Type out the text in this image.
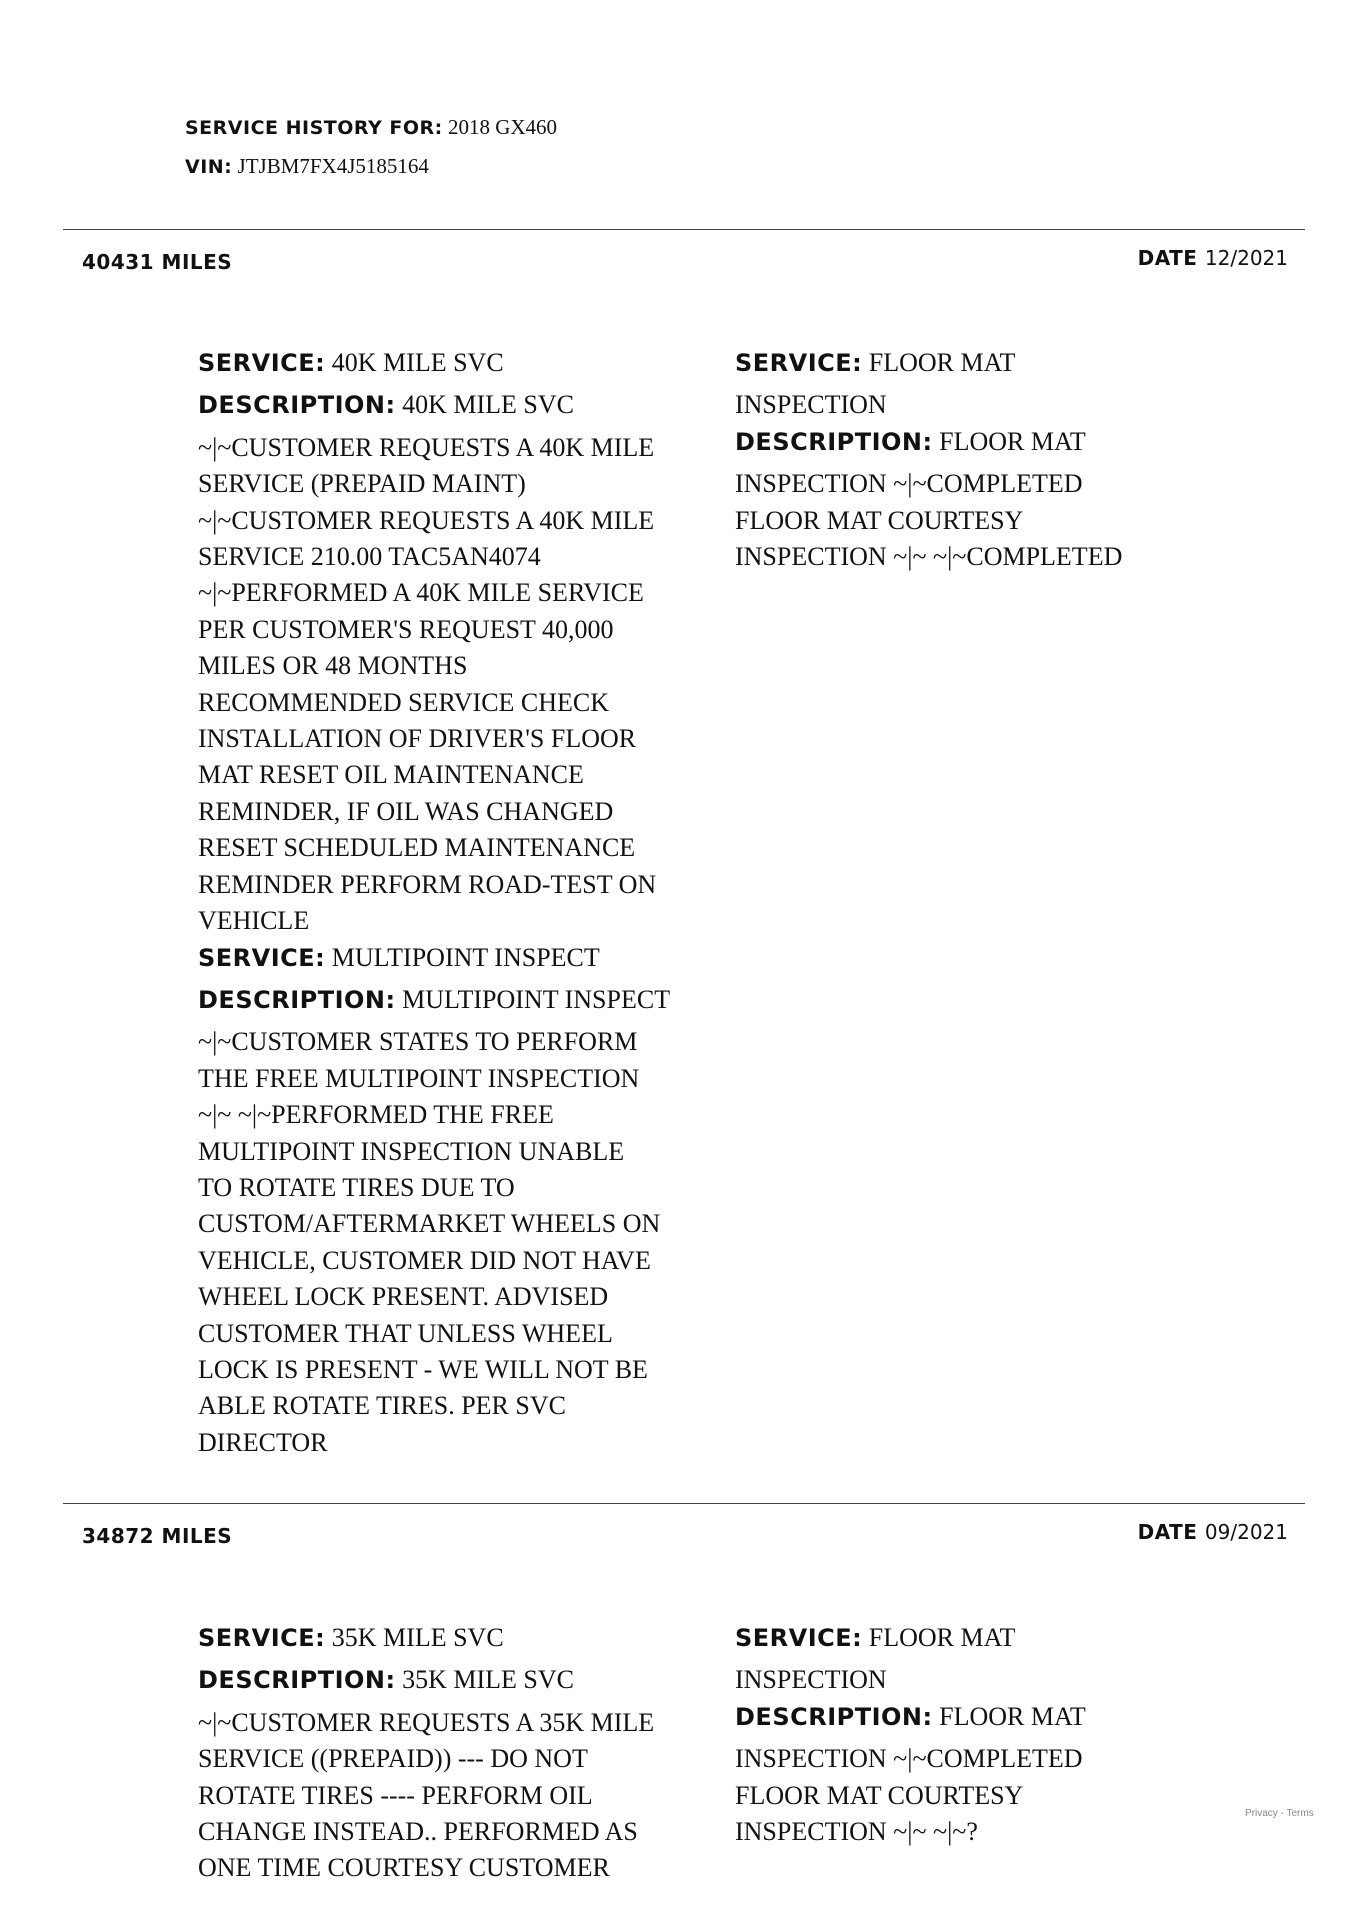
SERVICE HISTORY FOR: 2018 GX460
VIN: JTJBM7FX4J5185164
40431 MILES	DATE 12/2021

SERVICE: 40K MILE SVC

DESCRIPTION: 40K MILE SVC

~|~CUSTOMER REQUESTS A 40K MILE

SERVICE (PREPAID MAINT)

~|~CUSTOMER REQUESTS A 40K MILE

SERVICE 210.00 TAC5AN4074

~|~PERFORMED A 40K MILE SERVICE

PER CUSTOMER'S REQUEST 40,000

MILES OR 48 MONTHS

RECOMMENDED SERVICE CHECK

INSTALLATION OF DRIVER'S FLOOR

MAT RESET OIL MAINTENANCE

REMINDER, IF OIL WAS CHANGED

RESET SCHEDULED MAINTENANCE

REMINDER PERFORM ROAD-TEST ON

VEHICLE

SERVICE: MULTIPOINT INSPECT

DESCRIPTION: MULTIPOINT INSPECT

~|~CUSTOMER STATES TO PERFORM

THE FREE MULTIPOINT INSPECTION

~|~ ~|~PERFORMED THE FREE

MULTIPOINT INSPECTION UNABLE

TO ROTATE TIRES DUE TO

CUSTOM/AFTERMARKET WHEELS ON

VEHICLE, CUSTOMER DID NOT HAVE

WHEEL LOCK PRESENT. ADVISED

CUSTOMER THAT UNLESS WHEEL

LOCK IS PRESENT - WE WILL NOT BE

ABLE ROTATE TIRES. PER SVC

DIRECTOR

SERVICE: FLOOR MAT

INSPECTION

DESCRIPTION: FLOOR MAT

INSPECTION ~|~COMPLETED

FLOOR MAT COURTESY

INSPECTION ~|~ ~|~COMPLETED

34872 MILES	DATE 09/2021

SERVICE: 35K MILE SVC

DESCRIPTION: 35K MILE SVC

~|~CUSTOMER REQUESTS A 35K MILE

SERVICE ((PREPAID)) --- DO NOT

ROTATE TIRES ---- PERFORM OIL

CHANGE INSTEAD.. PERFORMED AS

ONE TIME COURTESY CUSTOMER

SERVICE: FLOOR MAT

INSPECTION

DESCRIPTION: FLOOR MAT

INSPECTION ~|~COMPLETED

FLOOR MAT COURTESY

INSPECTION ~|~ ~|~?

Privacy - Terms
